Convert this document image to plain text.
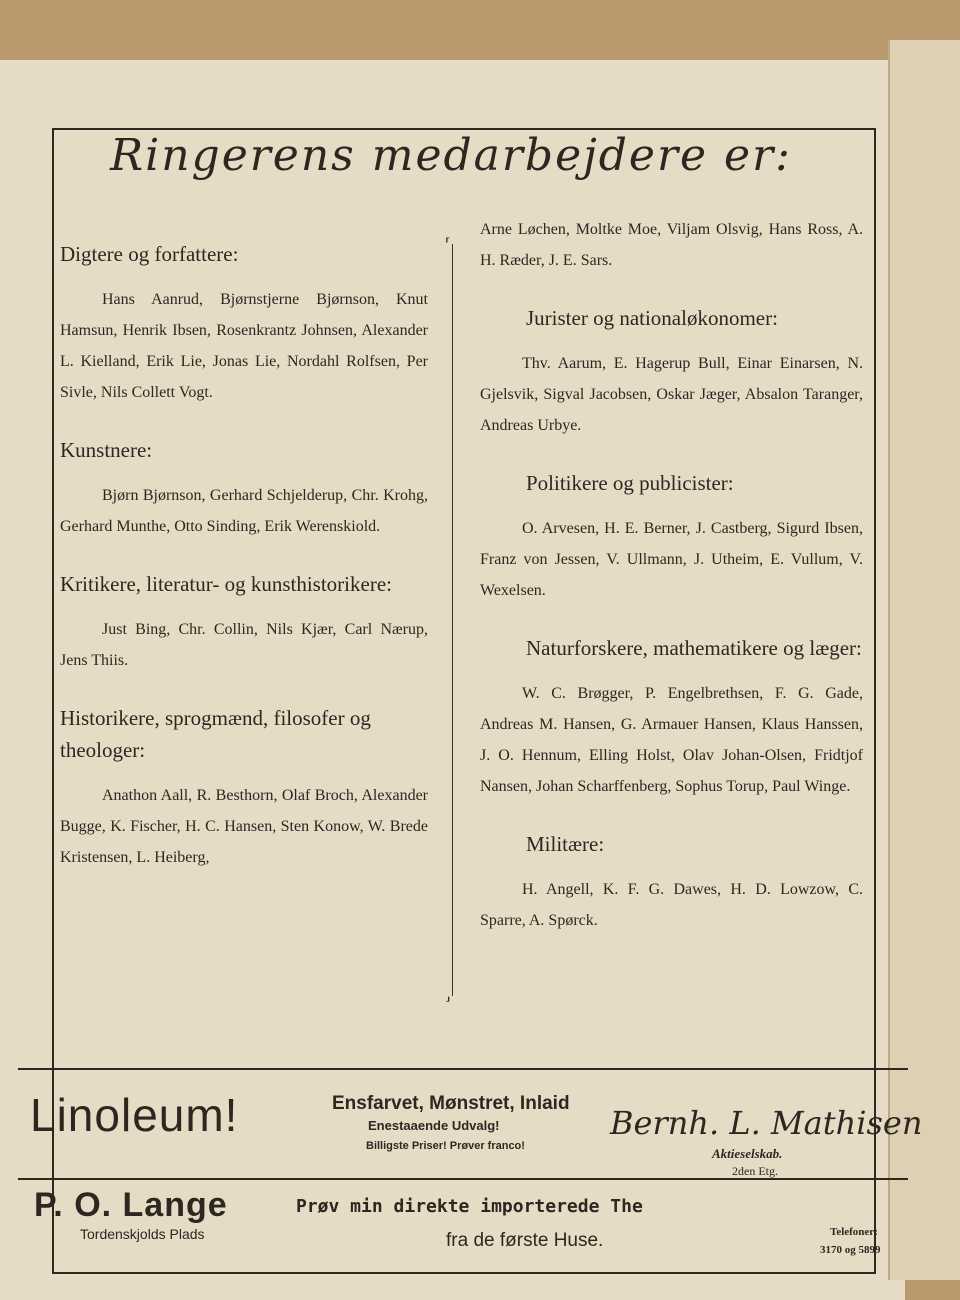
Ringerens medarbejdere er:
⸢
⸥
Digtere og forfattere:
Hans Aanrud, Bjørnstjerne Bjørnson, Knut Hamsun, Henrik Ibsen, Rosenkrantz Johnsen, Alexander L. Kielland, Erik Lie, Jonas Lie, Nordahl Rolfsen, Per Sivle, Nils Collett Vogt.
Kunstnere:
Bjørn Bjørnson, Gerhard Schjelderup, Chr. Krohg, Gerhard Munthe, Otto Sinding, Erik Werenskiold.
Kritikere, literatur- og kunsthistorikere:
Just Bing, Chr. Collin, Nils Kjær, Carl Nærup, Jens Thiis.
Historikere, sprogmænd, filosofer og theologer:
Anathon Aall, R. Besthorn, Olaf Broch, Alexander Bugge, K. Fischer, H. C. Hansen, Sten Konow, W. Brede Kristensen, L. Heiberg,
Arne Løchen, Moltke Moe, Viljam Olsvig, Hans Ross, A. H. Ræder, J. E. Sars.
Jurister og nationaløkonomer:
Thv. Aarum, E. Hagerup Bull, Einar Einarsen, N. Gjelsvik, Sigval Jacobsen, Oskar Jæger, Absalon Taranger, Andreas Urbye.
Politikere og publicister:
O. Arvesen, H. E. Berner, J. Castberg, Sigurd Ibsen, Franz von Jessen, V. Ullmann, J. Utheim, E. Vullum, V. Wexelsen.
Naturforskere, mathematikere og læger:
W. C. Brøgger, P. Engelbrethsen, F. G. Gade, Andreas M. Hansen, G. Armauer Hansen, Klaus Hanssen, J. O. Hennum, Elling Holst, Olav Johan-Olsen, Fridtjof Nansen, Johan Scharffenberg, Sophus Torup, Paul Winge.
Militære:
H. Angell, K. F. G. Dawes, H. D. Lowzow, C. Sparre, A. Spørck.
Linoleum!	Ensfarvet, Mønstret, Inlaid
Enestaaende Udvalg!
Billigste Priser! Prøver franco!
Bernh. L. Mathisen
Aktieselskab.
2den Etg.
P. O. Lange
Tordenskjolds Plads
Prøv min direkte importerede The
fra de første Huse.	Telefoner:
3170 og 5899
